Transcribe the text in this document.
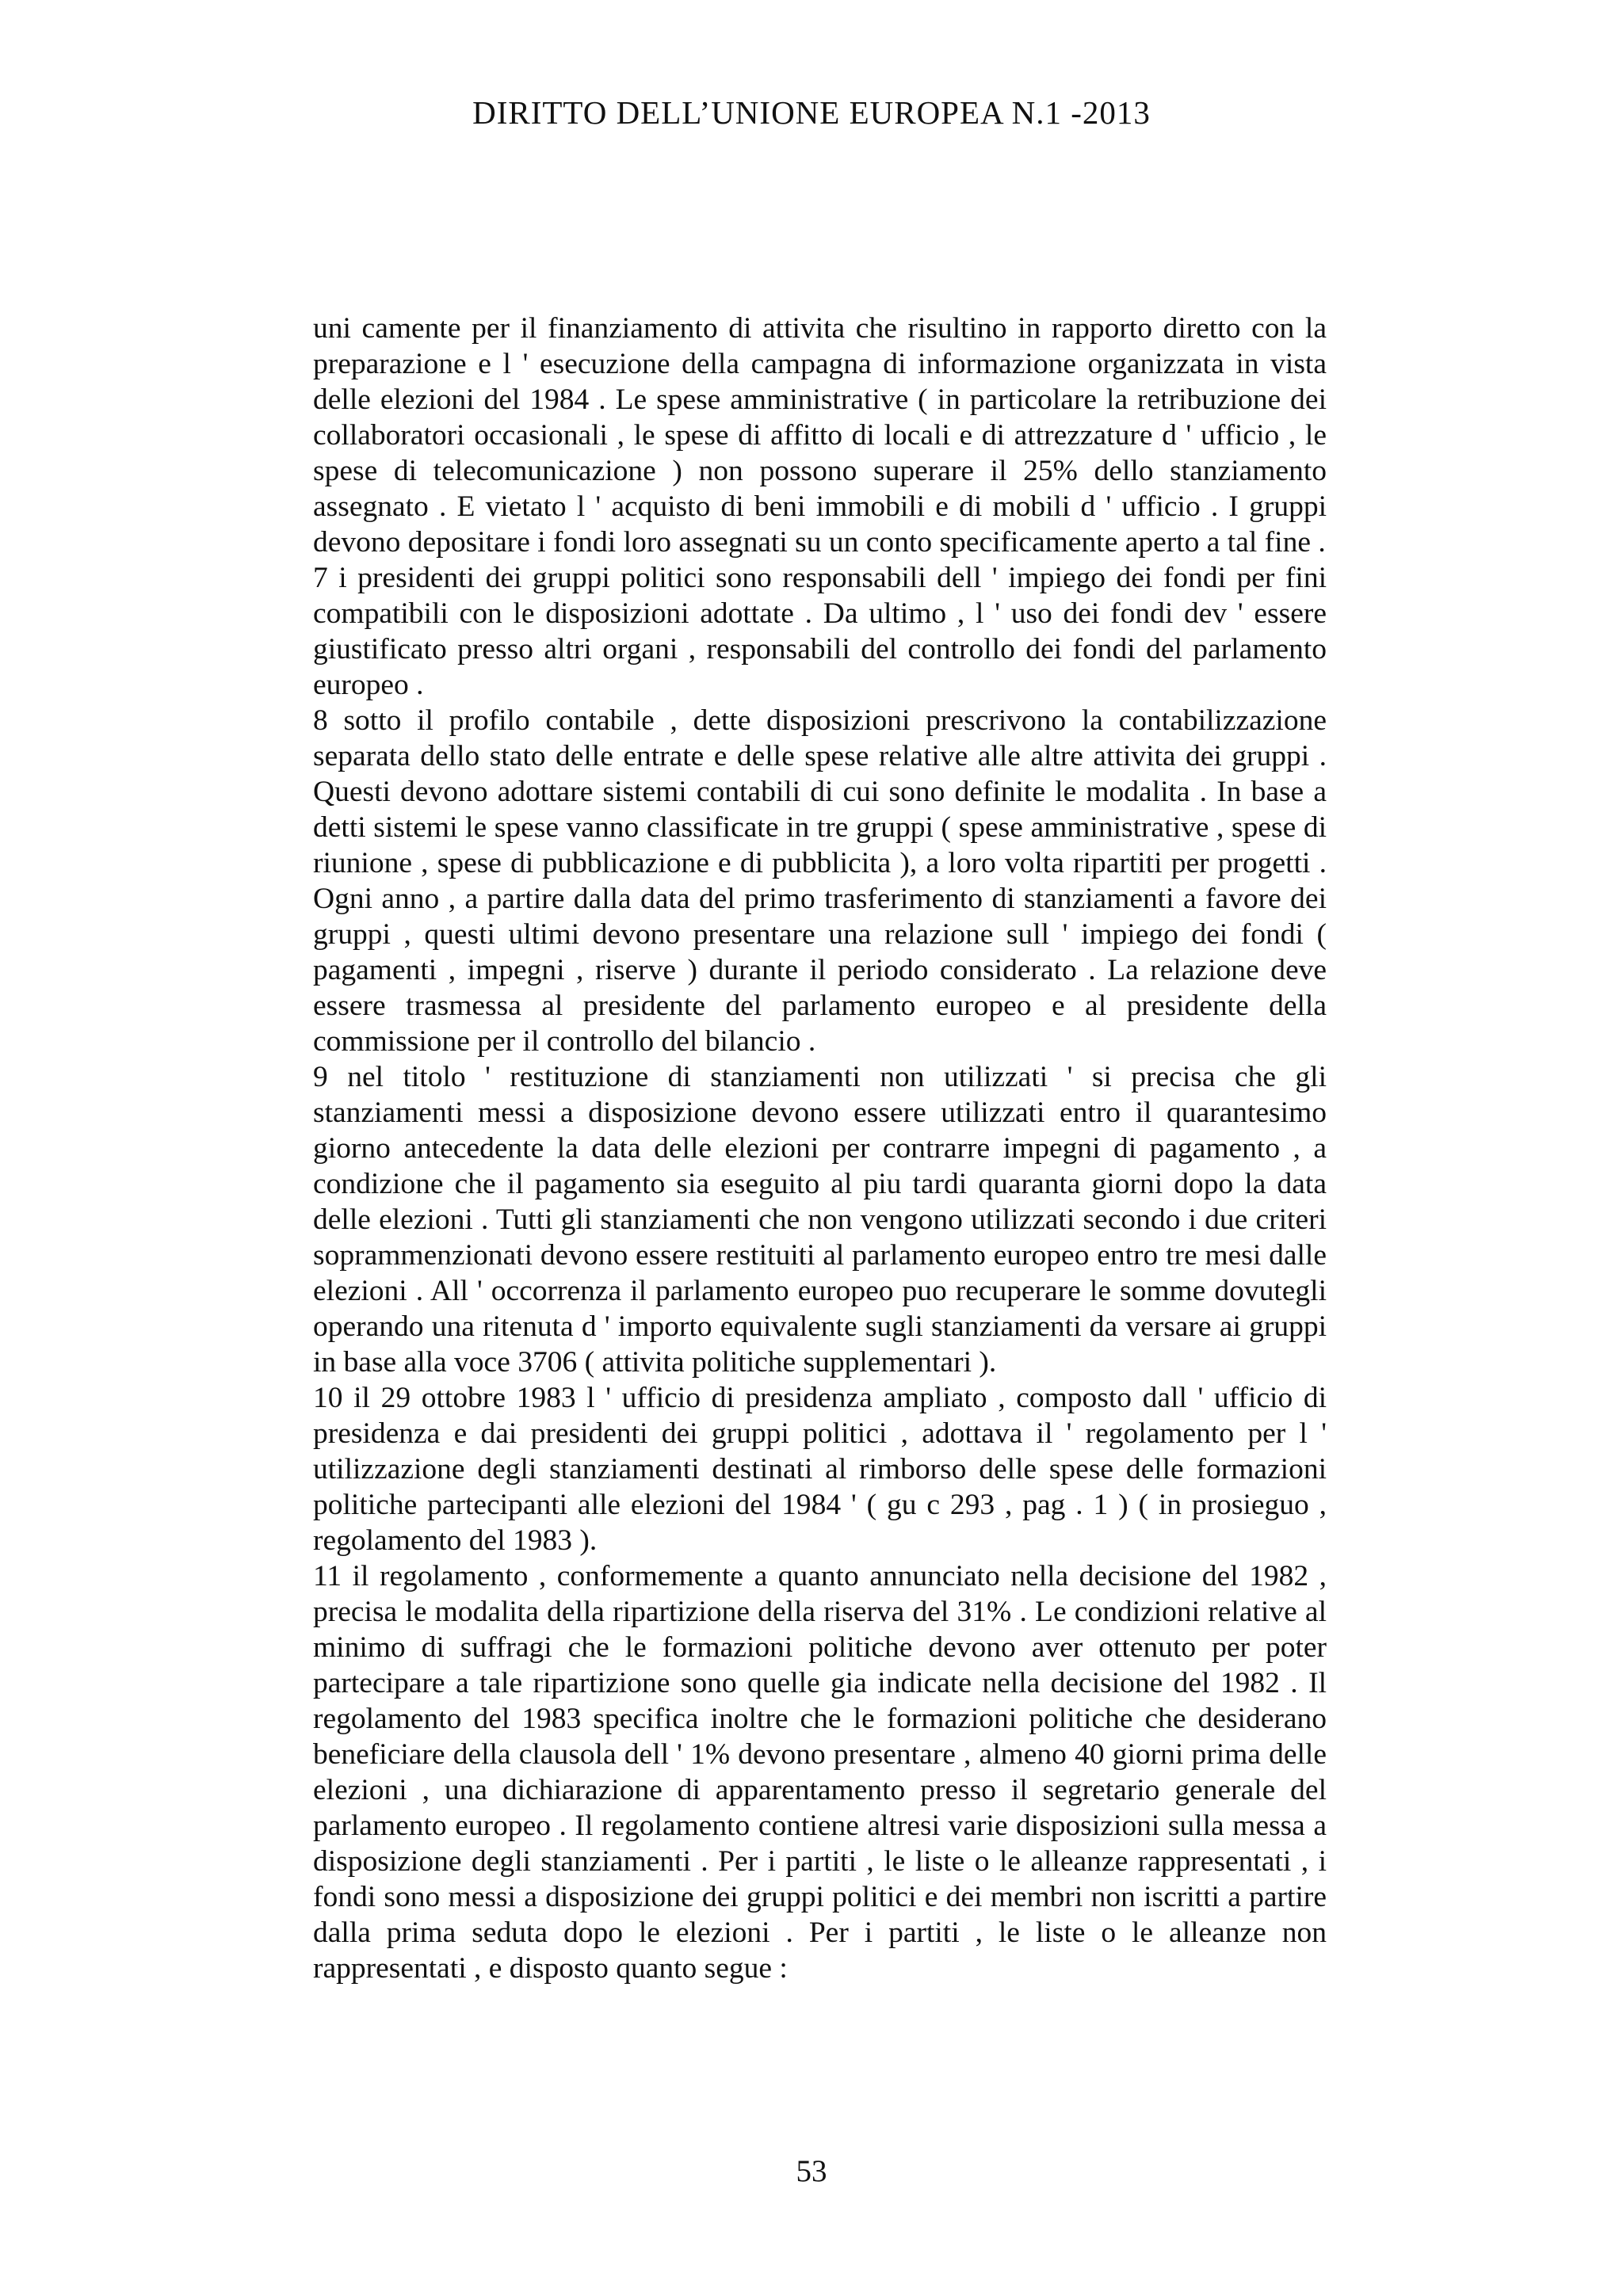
DIRITTO DELL’UNIONE EUROPEA N.1 -2013

uni camente per il finanziamento di attivita che risultino in rapporto diretto con la preparazione e l ' esecuzione della campagna di informazione organizzata in vista delle elezioni del 1984 . Le spese amministrative ( in particolare la retribuzione dei collaboratori occasionali , le spese di affitto di locali e di attrezzature d ' ufficio , le spese di telecomunicazione ) non possono superare il 25% dello stanziamento assegnato . E vietato l ' acquisto di beni immobili e di mobili d ' ufficio . I gruppi devono depositare i fondi loro assegnati su un conto specificamente aperto a tal fine .

7 i presidenti dei gruppi politici sono responsabili dell ' impiego dei fondi per fini compatibili con le disposizioni adottate . Da ultimo , l ' uso dei fondi dev ' essere giustificato presso altri organi , responsabili del controllo dei fondi del parlamento europeo .

8 sotto il profilo contabile , dette disposizioni prescrivono la contabilizzazione separata dello stato delle entrate e delle spese relative alle altre attivita dei gruppi . Questi devono adottare sistemi contabili di cui sono definite le modalita . In base a detti sistemi le spese vanno classificate in tre gruppi ( spese amministrative , spese di riunione , spese di pubblicazione e di pubblicita ), a loro volta ripartiti per progetti . Ogni anno , a partire dalla data del primo trasferimento di stanziamenti a favore dei gruppi , questi ultimi devono presentare una relazione sull ' impiego dei fondi ( pagamenti , impegni , riserve ) durante il periodo considerato . La relazione deve essere trasmessa al presidente del parlamento europeo e al presidente della commissione per il controllo del bilancio .

9 nel titolo ' restituzione di stanziamenti non utilizzati ' si precisa che gli stanziamenti messi a disposizione devono essere utilizzati entro il quarantesimo giorno antecedente la data delle elezioni per contrarre impegni di pagamento , a condizione che il pagamento sia eseguito al piu tardi quaranta giorni dopo la data delle elezioni . Tutti gli stanziamenti che non vengono utilizzati secondo i due criteri soprammenzionati devono essere restituiti al parlamento europeo entro tre mesi dalle elezioni . All ' occorrenza il parlamento europeo puo recuperare le somme dovutegli operando una ritenuta d ' importo equivalente sugli stanziamenti da versare ai gruppi in base alla voce 3706 ( attivita politiche supplementari ).

10 il 29 ottobre 1983 l ' ufficio di presidenza ampliato , composto dall ' ufficio di presidenza e dai presidenti dei gruppi politici , adottava il ' regolamento per l ' utilizzazione degli stanziamenti destinati al rimborso delle spese delle formazioni politiche partecipanti alle elezioni del 1984 ' ( gu c 293 , pag . 1 ) ( in prosieguo , regolamento del 1983 ).

11 il regolamento , conformemente a quanto annunciato nella decisione del 1982 , precisa le modalita della ripartizione della riserva del 31% . Le condizioni relative al minimo di suffragi che le formazioni politiche devono aver ottenuto per poter partecipare a tale ripartizione sono quelle gia indicate nella decisione del 1982 . Il regolamento del 1983 specifica inoltre che le formazioni politiche che desiderano beneficiare della clausola dell ' 1% devono presentare , almeno 40 giorni prima delle elezioni , una dichiarazione di apparentamento presso il segretario generale del parlamento europeo . Il regolamento contiene altresi varie disposizioni sulla messa a disposizione degli stanziamenti . Per i partiti , le liste o le alleanze rappresentati , i fondi sono messi a disposizione dei gruppi politici e dei membri non iscritti a partire dalla prima seduta dopo le elezioni . Per i partiti , le liste o le alleanze non rappresentati , e disposto quanto segue :

53
